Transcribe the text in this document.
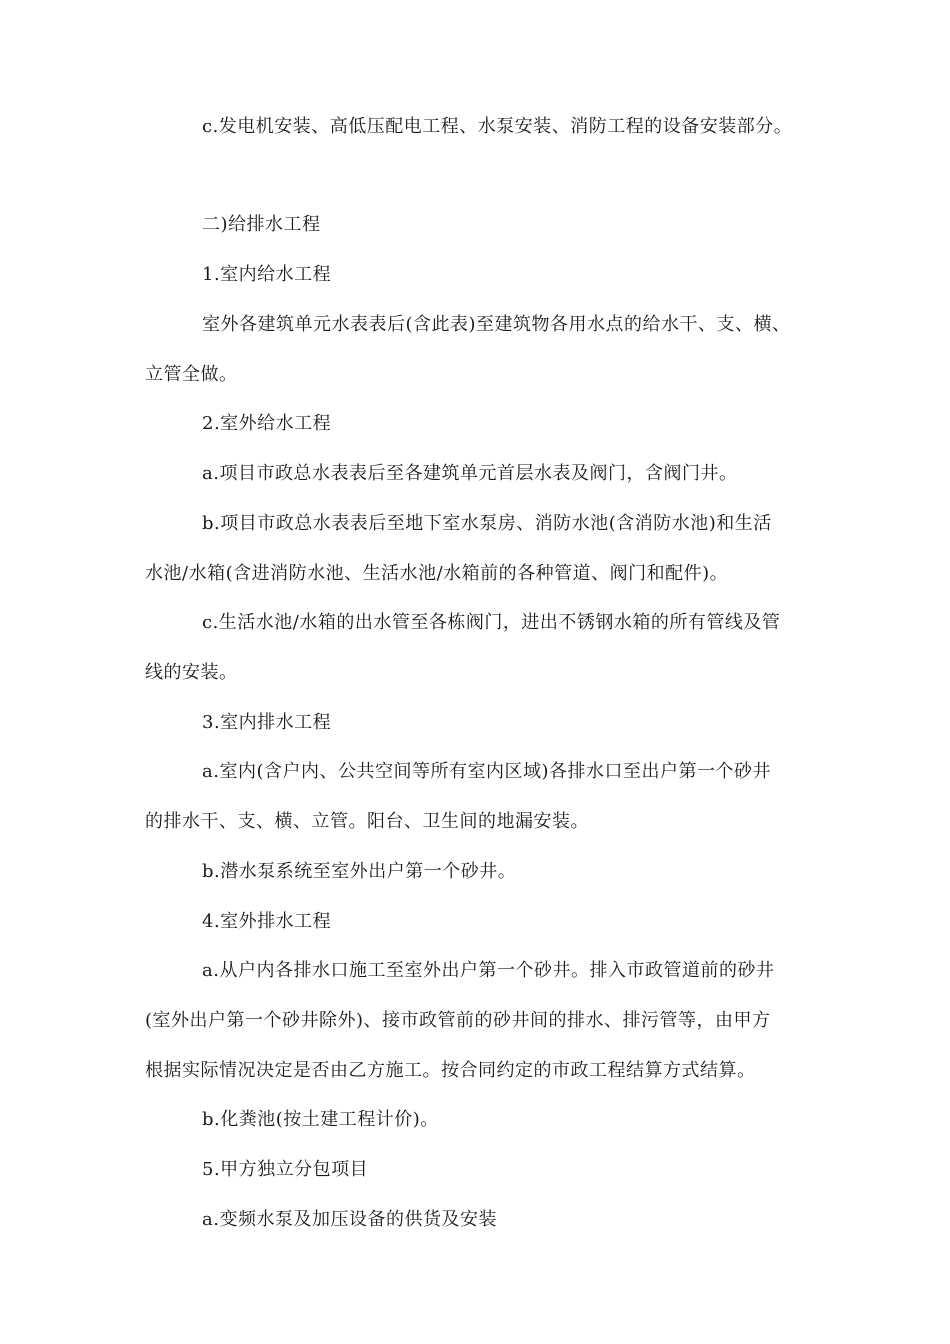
c.发电机安装、高低压配电工程、水泵安装、消防工程的设备安装部分。
二)给排水工程
1.室内给水工程
室外各建筑单元水表表后(含此表)至建筑物各用水点的给水干、支、横、
立管全做。
2.室外给水工程
a.项目市政总水表表后至各建筑单元首层水表及阀门，含阀门井。
b.项目市政总水表表后至地下室水泵房、消防水池(含消防水池)和生活
水池/水箱(含进消防水池、生活水池/水箱前的各种管道、阀门和配件)。
c.生活水池/水箱的出水管至各栋阀门，进出不锈钢水箱的所有管线及管
线的安装。
3.室内排水工程
a.室内(含户内、公共空间等所有室内区域)各排水口至出户第一个砂井
的排水干、支、横、立管。阳台、卫生间的地漏安装。
b.潜水泵系统至室外出户第一个砂井。
4.室外排水工程
a.从户内各排水口施工至室外出户第一个砂井。排入市政管道前的砂井
(室外出户第一个砂井除外)、接市政管前的砂井间的排水、排污管等，由甲方
根据实际情况决定是否由乙方施工。按合同约定的市政工程结算方式结算。
b.化粪池(按土建工程计价)。
5.甲方独立分包项目
a.变频水泵及加压设备的供货及安装
